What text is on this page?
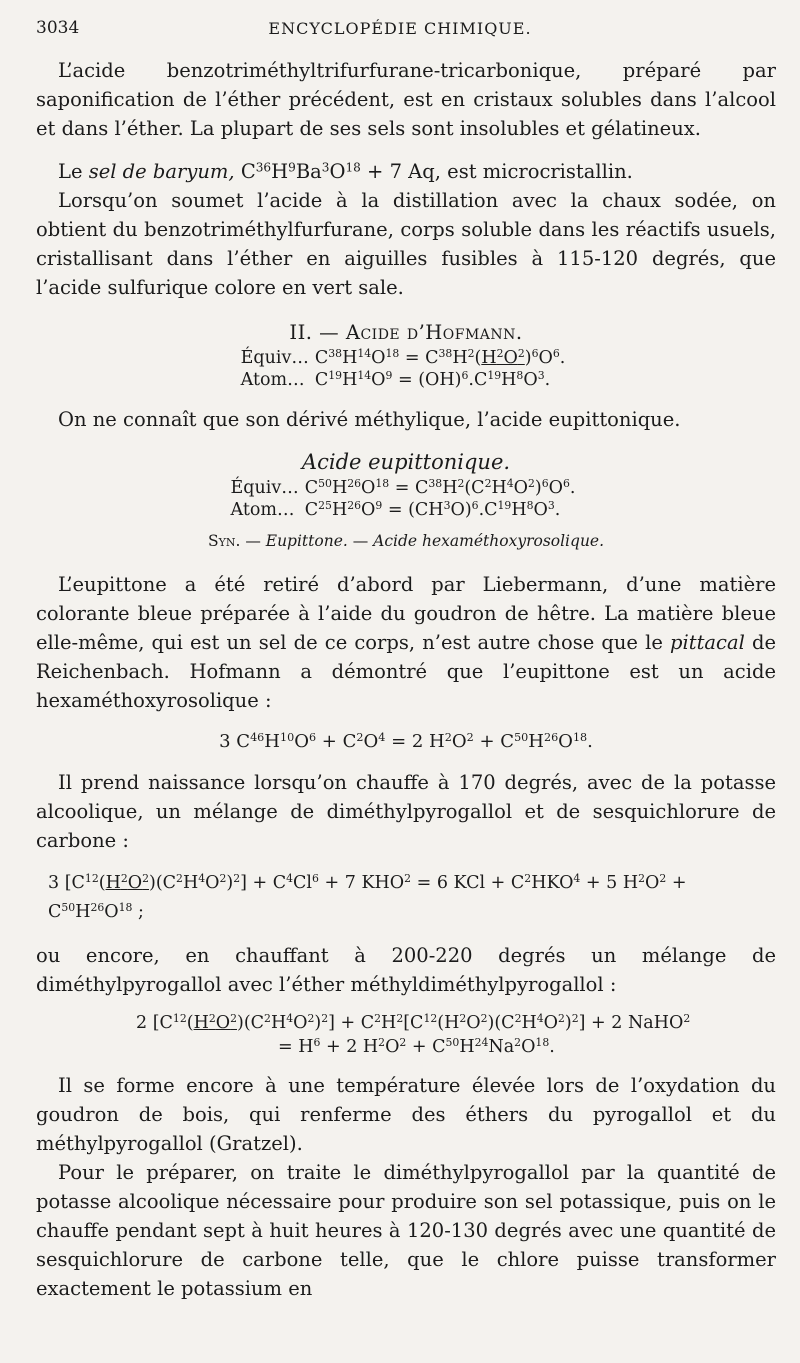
3034	ENCYCLOPÉDIE CHIMIQUE.

L’acide benzotriméthyltrifurfurane-tricarbonique, préparé par saponification de l’éther précédent, est en cristaux solubles dans l’alcool et dans l’éther. La plupart de ses sels sont insolubles et gélatineux.

Le sel de baryum, $C^{36}H^9Ba^3O^{18} + 7$ Aq, est microcristallin.

Lorsqu’on soumet l’acide à la distillation avec la chaux sodée, on obtient du benzotriméthylfurfurane, corps soluble dans les réactifs usuels, cristallisant dans l’éther en aiguilles fusibles à 115-120 degrés, que l’acide sulfurique colore en vert sale.

II. — Acide d’Hofmann.
Équiv…	$C^{38}H^{14}O^{18} = C^{38}H^2(H^2O^2)^6O^6$.
Atom…	$C^{19}H^{14}O^9 = (OH)^6.C^{19}H^8O^3$.

On ne connaît que son dérivé méthylique, l’acide eupittonique.

Acide eupittonique.
Équiv…	$C^{50}H^{26}O^{18} = C^{38}H^2(C^2H^4O^2)^6O^6$.
Atom…	$C^{25}H^{26}O^9 = (CH^3O)^6.C^{19}H^8O^3$.
Syn. — Eupittone. — Acide hexaméthoxyrosolique.

L’eupittone a été retiré d’abord par Liebermann, d’une matière colorante bleue préparée à l’aide du goudron de hêtre. La matière bleue elle-même, qui est un sel de ce corps, n’est autre chose que le pittacal de Reichenbach. Hofmann a démontré que l’eupittone est un acide hexaméthoxyrosolique :

3 $C^{46}H^{10}O^6 + C^2O^4 = 2$ $H^2O^2 + C^{50}H^{26}O^{18}$.

Il prend naissance lorsqu’on chauffe à 170 degrés, avec de la potasse alcoolique, un mélange de diméthylpyrogallol et de sesquichlorure de carbone :

3 $[C^{12}(H^2O^2)(C^2H^4O^2)^2] + C^4Cl^6 + 7$ $KHO^2 = 6$ KCl + $C^2HKO^4 + 5$ $H^2O^2 + C^{50}H^{26}O^{18}$ ;

ou encore, en chauffant à 200-220 degrés un mélange de diméthylpyrogallol avec l’éther méthyldiméthylpyrogallol :

2 $[C^{12}(H^2O^2)(C^2H^4O^2)^2] + C^2H^2[C^{12}(H^2O^2)(C^2H^4O^2)^2] + 2$ NaHO$^2$
= $H^6 + 2$ $H^2O^2 + C^{50}H^{24}Na^2O^{18}$.

Il se forme encore à une température élevée lors de l’oxydation du goudron de bois, qui renferme des éthers du pyrogallol et du méthylpyrogallol (Gratzel).

Pour le préparer, on traite le diméthylpyrogallol par la quantité de potasse alcoolique nécessaire pour produire son sel potassique, puis on le chauffe pendant sept à huit heures à 120-130 degrés avec une quantité de sesquichlorure de carbone telle, que le chlore puisse transformer exactement le potassium en
